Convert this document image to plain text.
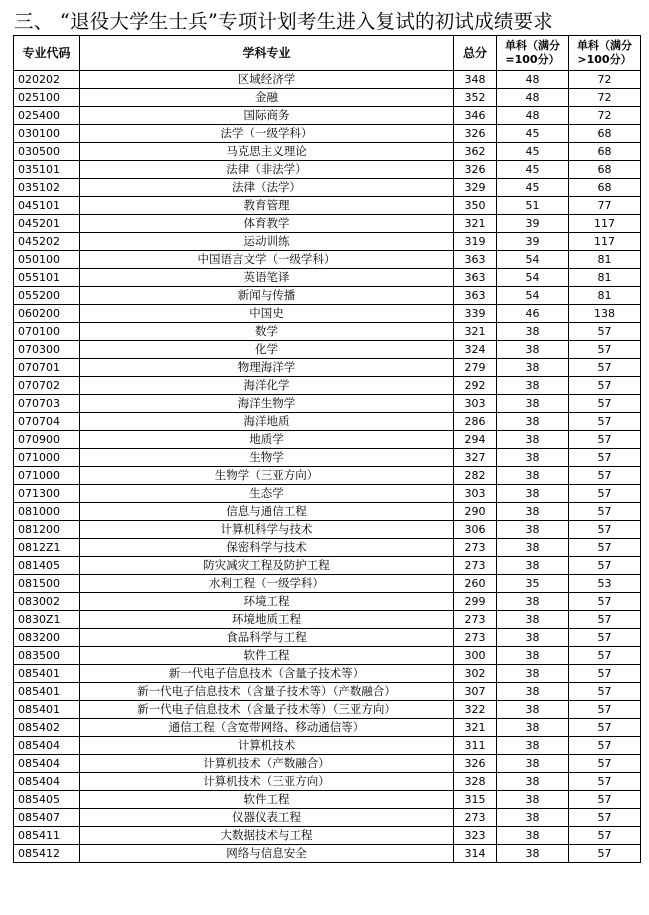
三、 “退役大学生士兵”专项计划考生进入复试的初试成绩要求
专业代码	学科专业	总分	单科（满分=100分）	单科（满分>100分）
020202	区域经济学	348	48	72
025100	金融	352	48	72
025400	国际商务	346	48	72
030100	法学（一级学科）	326	45	68
030500	马克思主义理论	362	45	68
035101	法律（非法学）	326	45	68
035102	法律（法学）	329	45	68
045101	教育管理	350	51	77
045201	体育教学	321	39	117
045202	运动训练	319	39	117
050100	中国语言文学（一级学科）	363	54	81
055101	英语笔译	363	54	81
055200	新闻与传播	363	54	81
060200	中国史	339	46	138
070100	数学	321	38	57
070300	化学	324	38	57
070701	物理海洋学	279	38	57
070702	海洋化学	292	38	57
070703	海洋生物学	303	38	57
070704	海洋地质	286	38	57
070900	地质学	294	38	57
071000	生物学	327	38	57
071000	生物学（三亚方向）	282	38	57
071300	生态学	303	38	57
081000	信息与通信工程	290	38	57
081200	计算机科学与技术	306	38	57
0812Z1	保密科学与技术	273	38	57
081405	防灾减灾工程及防护工程	273	38	57
081500	水利工程（一级学科）	260	35	53
083002	环境工程	299	38	57
0830Z1	环境地质工程	273	38	57
083200	食品科学与工程	273	38	57
083500	软件工程	300	38	57
085401	新一代电子信息技术（含量子技术等）	302	38	57
085401	新一代电子信息技术（含量子技术等）（产数融合）	307	38	57
085401	新一代电子信息技术（含量子技术等）（三亚方向）	322	38	57
085402	通信工程（含宽带网络、移动通信等）	321	38	57
085404	计算机技术	311	38	57
085404	计算机技术（产数融合）	326	38	57
085404	计算机技术（三亚方向）	328	38	57
085405	软件工程	315	38	57
085407	仪器仪表工程	273	38	57
085411	大数据技术与工程	323	38	57
085412	网络与信息安全	314	38	57
